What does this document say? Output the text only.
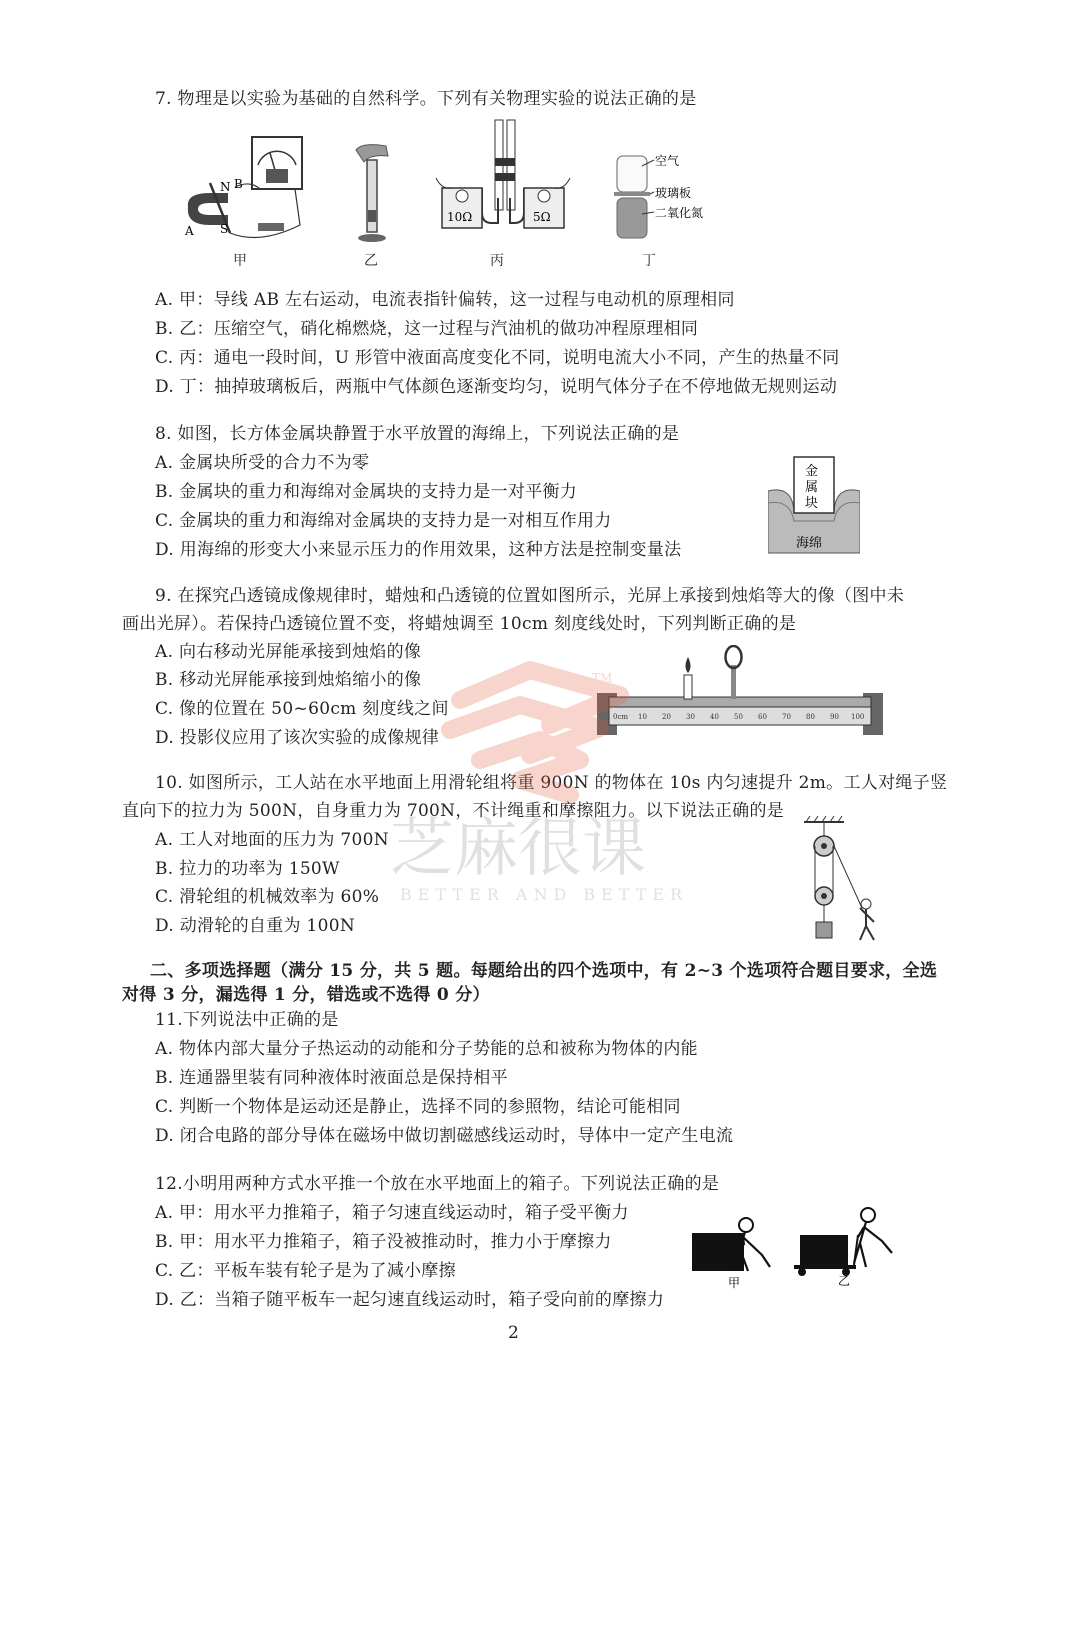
7. 物理是以实验为基础的自然科学。下列有关物理实验的说法正确的是
N B
S
A
甲	乙
10Ω	5Ω
丙
空气
玻璃板
二氧化氮
丁
A. 甲：导线 AB 左右运动，电流表指针偏转，这一过程与电动机的原理相同
B. 乙：压缩空气，硝化棉燃烧，这一过程与汽油机的做功冲程原理相同
C. 丙：通电一段时间，U 形管中液面高度变化不同，说明电流大小不同，产生的热量不同
D. 丁：抽掉玻璃板后，两瓶中气体颜色逐渐变均匀，说明气体分子在不停地做无规则运动
8. 如图，长方体金属块静置于水平放置的海绵上，下列说法正确的是
A. 金属块所受的合力不为零
B. 金属块的重力和海绵对金属块的支持力是一对平衡力
C. 金属块的重力和海绵对金属块的支持力是一对相互作用力
D. 用海绵的形变大小来显示压力的作用效果，这种方法是控制变量法
金
属
块
海绵
9. 在探究凸透镜成像规律时，蜡烛和凸透镜的位置如图所示，光屏上承接到烛焰等大的像（图中未
画出光屏）。若保持凸透镜位置不变，将蜡烛调至 10cm 刻度线处时，下列判断正确的是
A. 向右移动光屏能承接到烛焰的像
B. 移动光屏能承接到烛焰缩小的像
C. 像的位置在 50~60cm 刻度线之间
D. 投影仪应用了该次实验的成像规律
0cm 10 20 30 40 50 60 70 80 90 100
10. 如图所示，工人站在水平地面上用滑轮组将重 900N 的物体在 10s 内匀速提升 2m。工人对绳子竖
直向下的拉力为 500N，自身重力为 700N，不计绳重和摩擦阻力。以下说法正确的是
A. 工人对地面的压力为 700N
B. 拉力的功率为 150W
C. 滑轮组的机械效率为 60%
D. 动滑轮的自重为 100N
二、多项选择题（满分 15 分，共 5 题。每题给出的四个选项中，有 2~3 个选项符合题目要求，全选
对得 3 分，漏选得 1 分，错选或不选得 0 分）
11.下列说法中正确的是
A. 物体内部大量分子热运动的动能和分子势能的总和被称为物体的内能
B. 连通器里装有同种液体时液面总是保持相平
C. 判断一个物体是运动还是静止，选择不同的参照物，结论可能相同
D. 闭合电路的部分导体在磁场中做切割磁感线运动时，导体中一定产生电流
12.小明用两种方式水平推一个放在水平地面上的箱子。下列说法正确的是
A. 甲：用水平力推箱子，箱子匀速直线运动时，箱子受平衡力
B. 甲：用水平力推箱子，箱子没被推动时，推力小于摩擦力
C. 乙：平板车装有轮子是为了减小摩擦
D. 乙：当箱子随平板车一起匀速直线运动时，箱子受向前的摩擦力
甲	乙
2
TM
芝麻很课
BETTER AND BETTER
